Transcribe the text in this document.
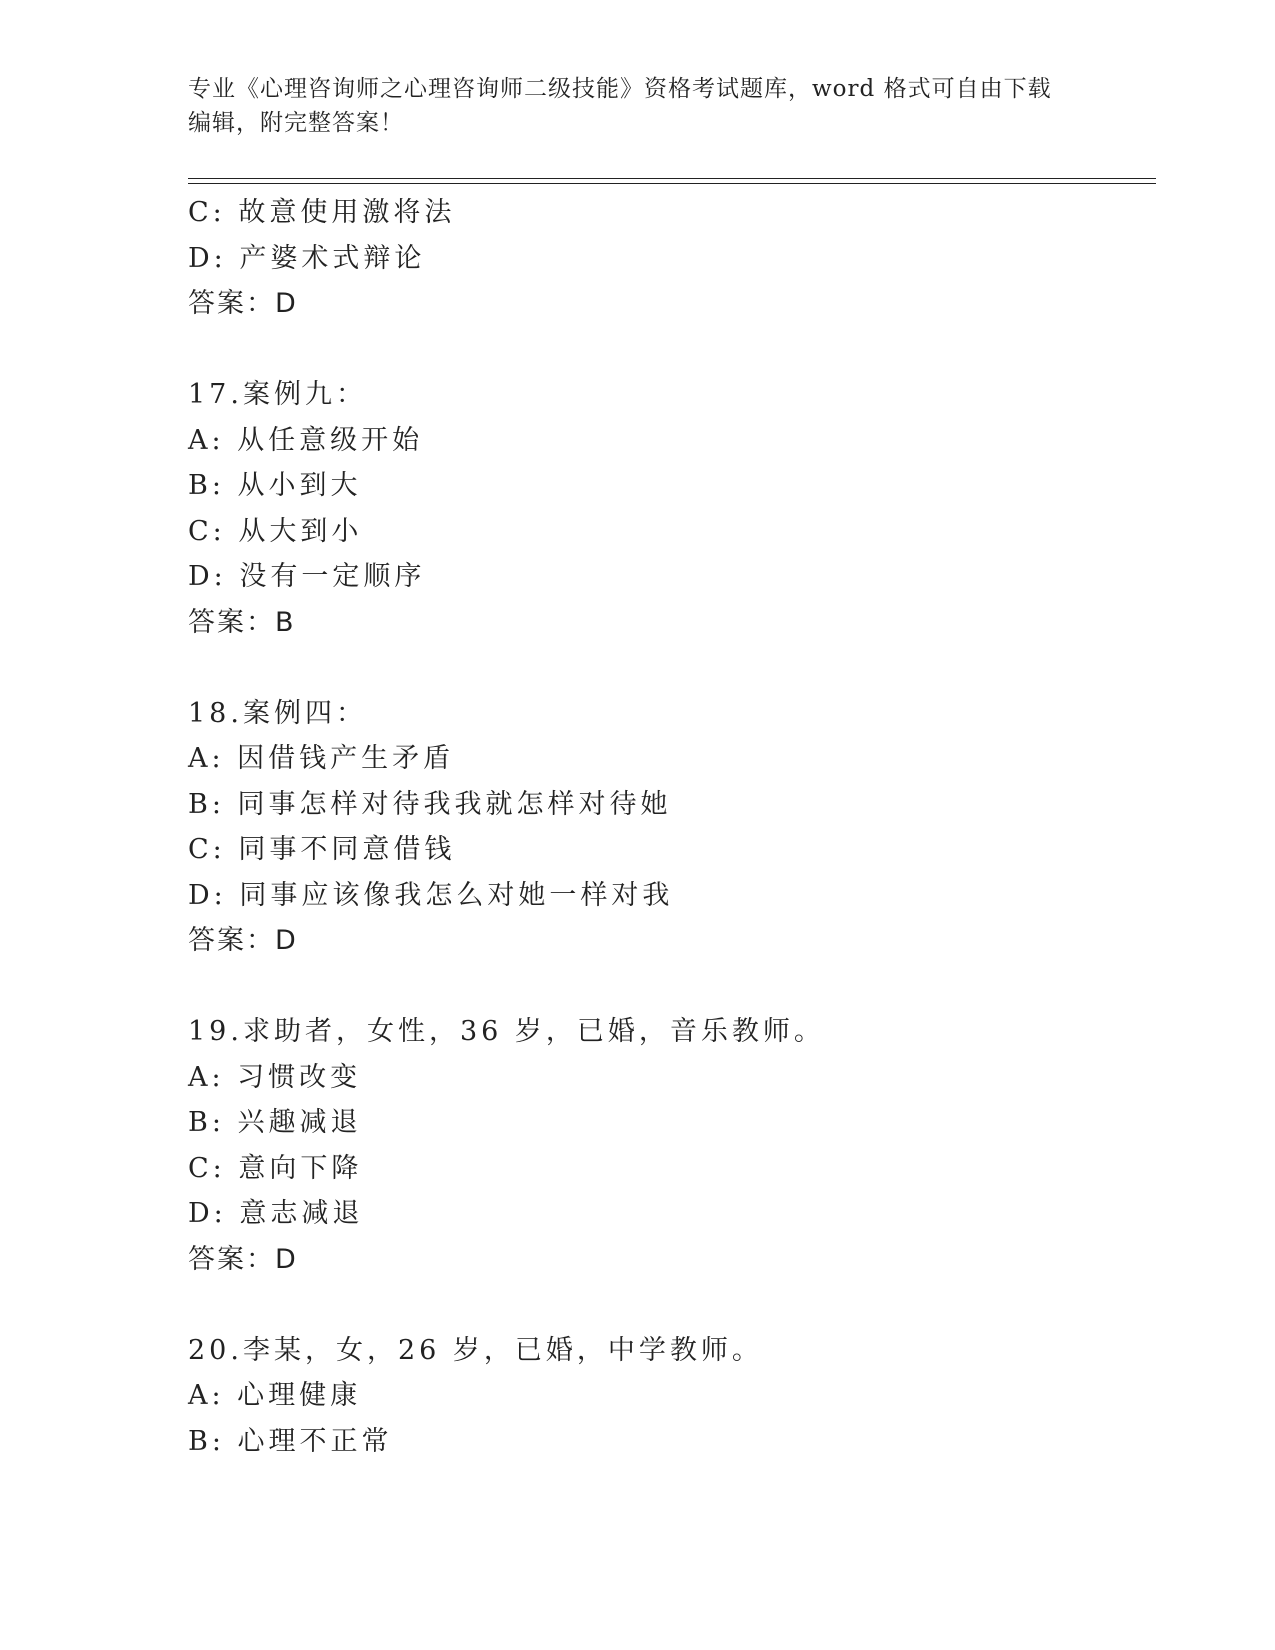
专业《心理咨询师之心理咨询师二级技能》资格考试题库，word 格式可自由下载
编辑，附完整答案！
C: 故意使用激将法
D: 产婆术式辩论
答案：D
17.案例九：
A: 从任意级开始
B: 从小到大
C: 从大到小
D: 没有一定顺序
答案：B
18.案例四：
A: 因借钱产生矛盾
B: 同事怎样对待我我就怎样对待她
C: 同事不同意借钱
D: 同事应该像我怎么对她一样对我
答案：D
19.求助者，女性，36 岁，已婚，音乐教师。
A: 习惯改变
B: 兴趣减退
C: 意向下降
D: 意志减退
答案：D
20.李某，女，26 岁，已婚，中学教师。
A: 心理健康
B: 心理不正常
